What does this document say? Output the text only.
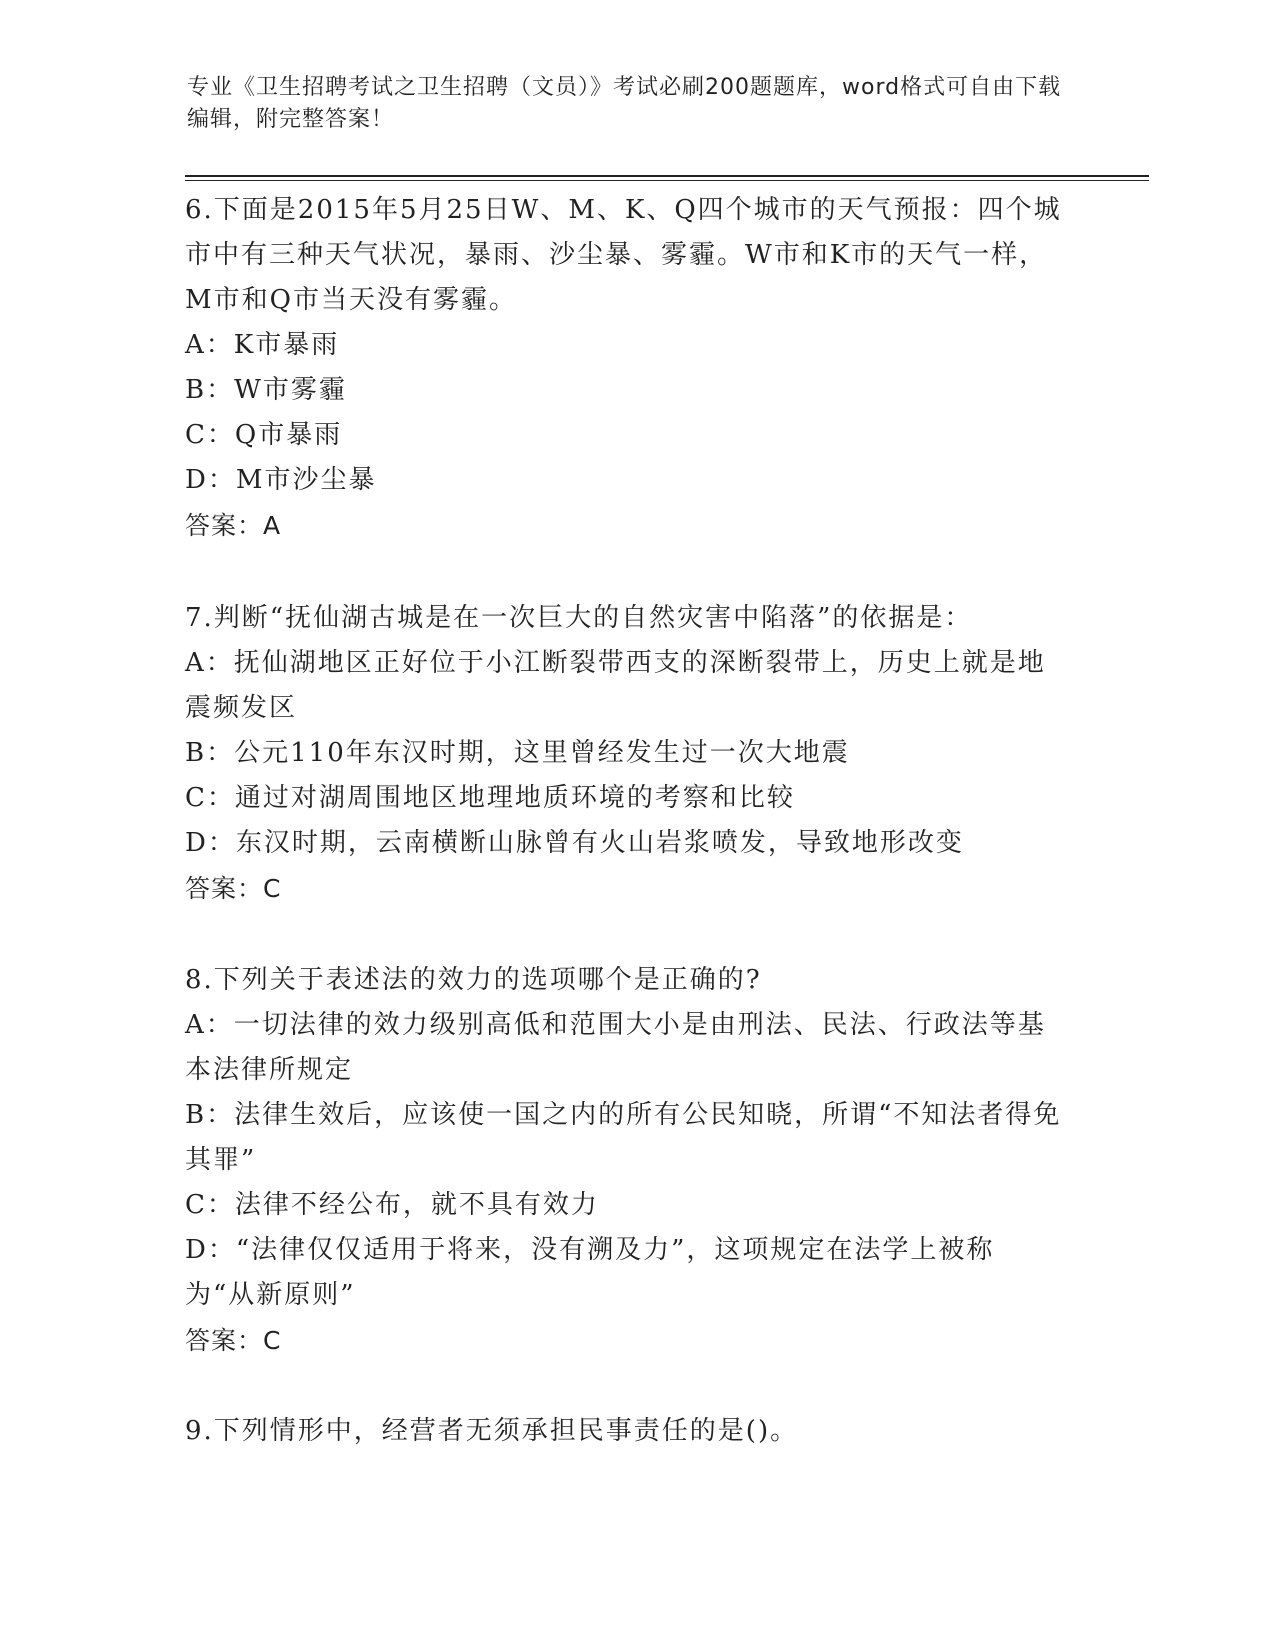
专业《卫生招聘考试之卫生招聘（文员）》考试必刷200题题库，word格式可自由下载编辑，附完整答案！
6.下面是2015年5月25日W、M、K、Q四个城市的天气预报：四个城市中有三种天气状况，暴雨、沙尘暴、雾霾。W市和K市的天气一样，M市和Q市当天没有雾霾。
A：K市暴雨
B：W市雾霾
C：Q市暴雨
D：M市沙尘暴
答案：A
7.判断“抚仙湖古城是在一次巨大的自然灾害中陷落”的依据是：
A：抚仙湖地区正好位于小江断裂带西支的深断裂带上，历史上就是地震频发区
B：公元110年东汉时期，这里曾经发生过一次大地震
C：通过对湖周围地区地理地质环境的考察和比较
D：东汉时期，云南横断山脉曾有火山岩浆喷发，导致地形改变
答案：C
8.下列关于表述法的效力的选项哪个是正确的?
A：一切法律的效力级别高低和范围大小是由刑法、民法、行政法等基本法律所规定
B：法律生效后，应该使一国之内的所有公民知晓，所谓“不知法者得免其罪”
C：法律不经公布，就不具有效力
D：“法律仅仅适用于将来，没有溯及力”，这项规定在法学上被称为“从新原则”
答案：C
9.下列情形中，经营者无须承担民事责任的是()。
